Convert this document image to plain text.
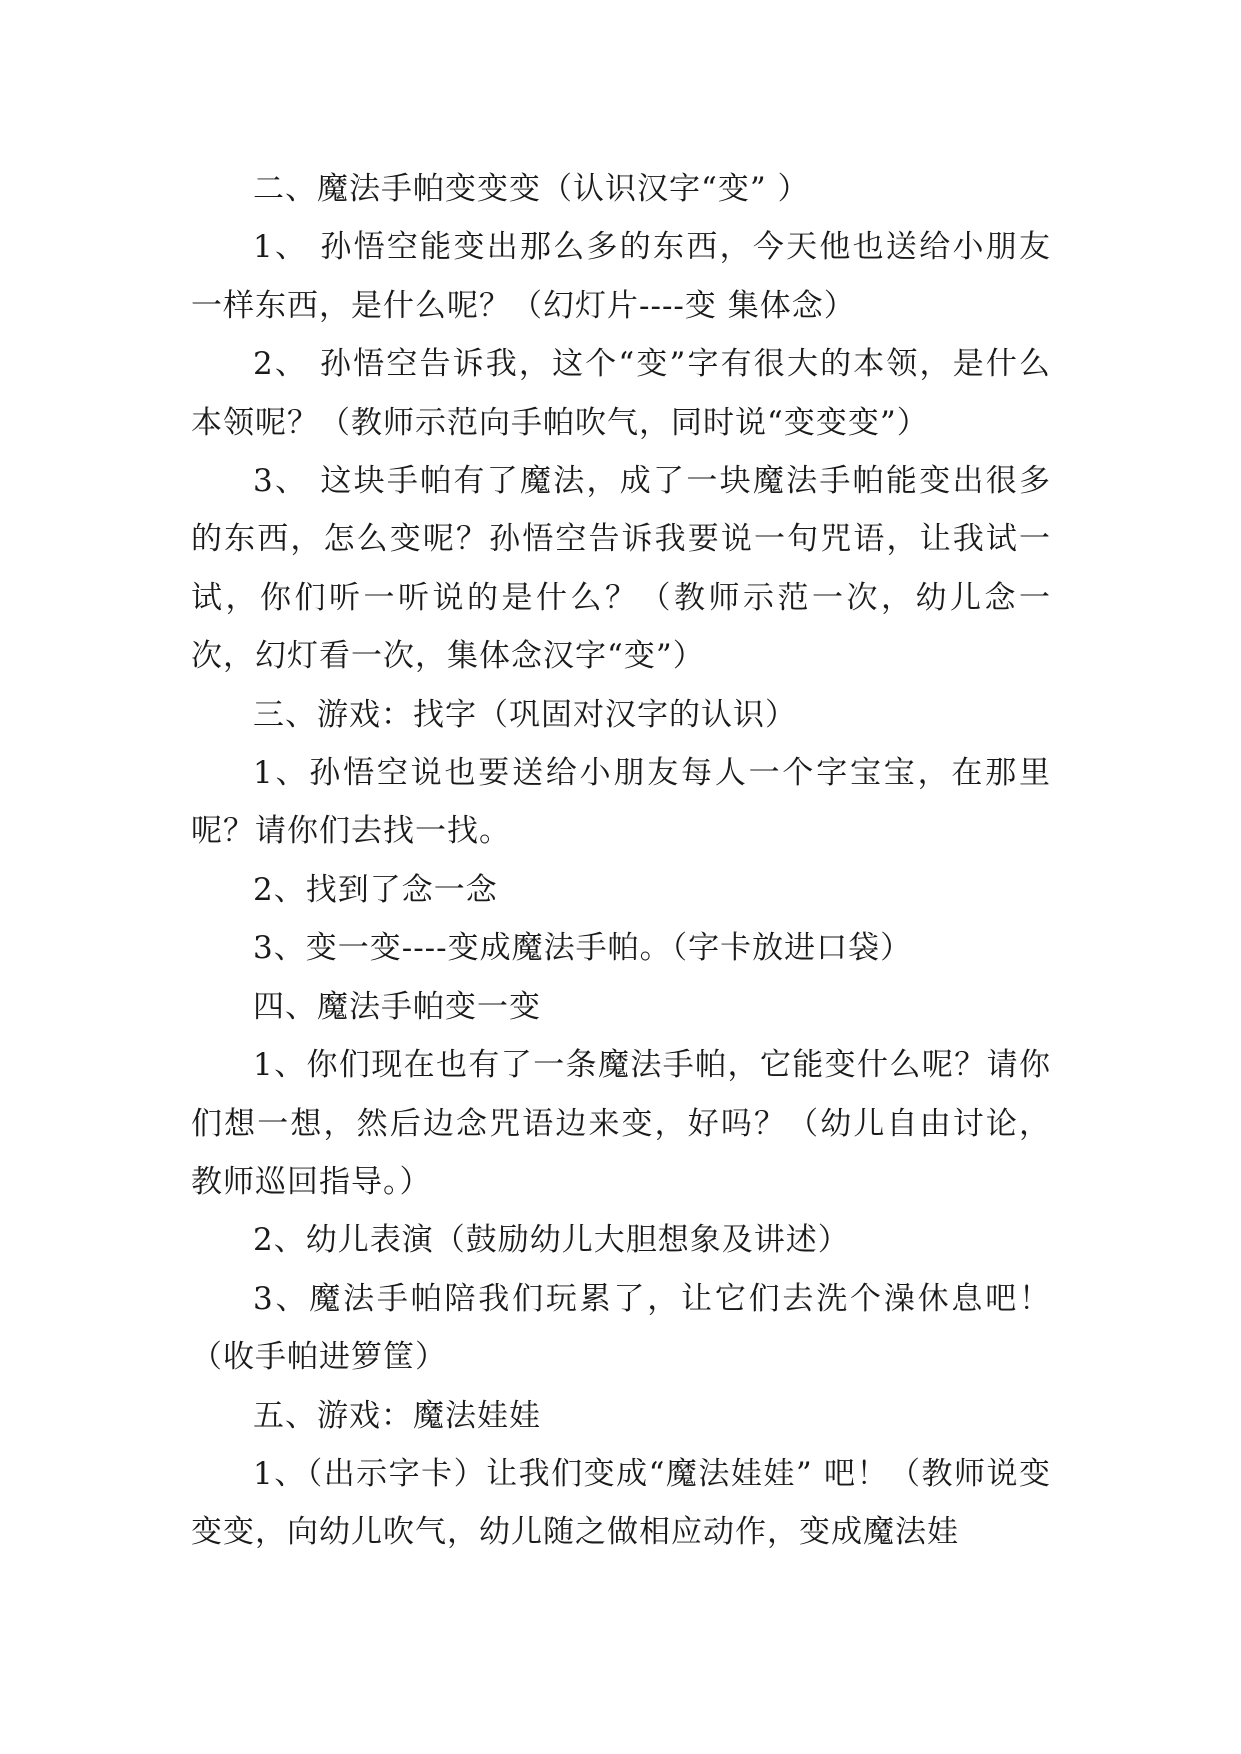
二、魔法手帕变变变（认识汉字“变” ）

1、 孙悟空能变出那么多的东西，今天他也送给小朋友一样东西，是什么呢？（幻灯片----变 集体念）

2、 孙悟空告诉我，这个“变”字有很大的本领，是什么本领呢？（教师示范向手帕吹气，同时说“变变变”）

3、 这块手帕有了魔法，成了一块魔法手帕能变出很多的东西，怎么变呢？孙悟空告诉我要说一句咒语，让我试一试，你们听一听说的是什么？（教师示范一次，幼儿念一次，幻灯看一次，集体念汉字“变”）

三、游戏：找字（巩固对汉字的认识）

1、孙悟空说也要送给小朋友每人一个字宝宝，在那里呢？请你们去找一找。

2、找到了念一念

3、变一变----变成魔法手帕。（字卡放进口袋）

四、魔法手帕变一变

1、你们现在也有了一条魔法手帕，它能变什么呢？请你们想一想，然后边念咒语边来变，好吗？（幼儿自由讨论，教师巡回指导。）

2、幼儿表演（鼓励幼儿大胆想象及讲述）

3、魔法手帕陪我们玩累了，让它们去洗个澡休息吧！（收手帕进箩筐）

五、游戏：魔法娃娃

1、（出示字卡）让我们变成“魔法娃娃” 吧！（教师说变变变，向幼儿吹气，幼儿随之做相应动作，变成魔法娃
